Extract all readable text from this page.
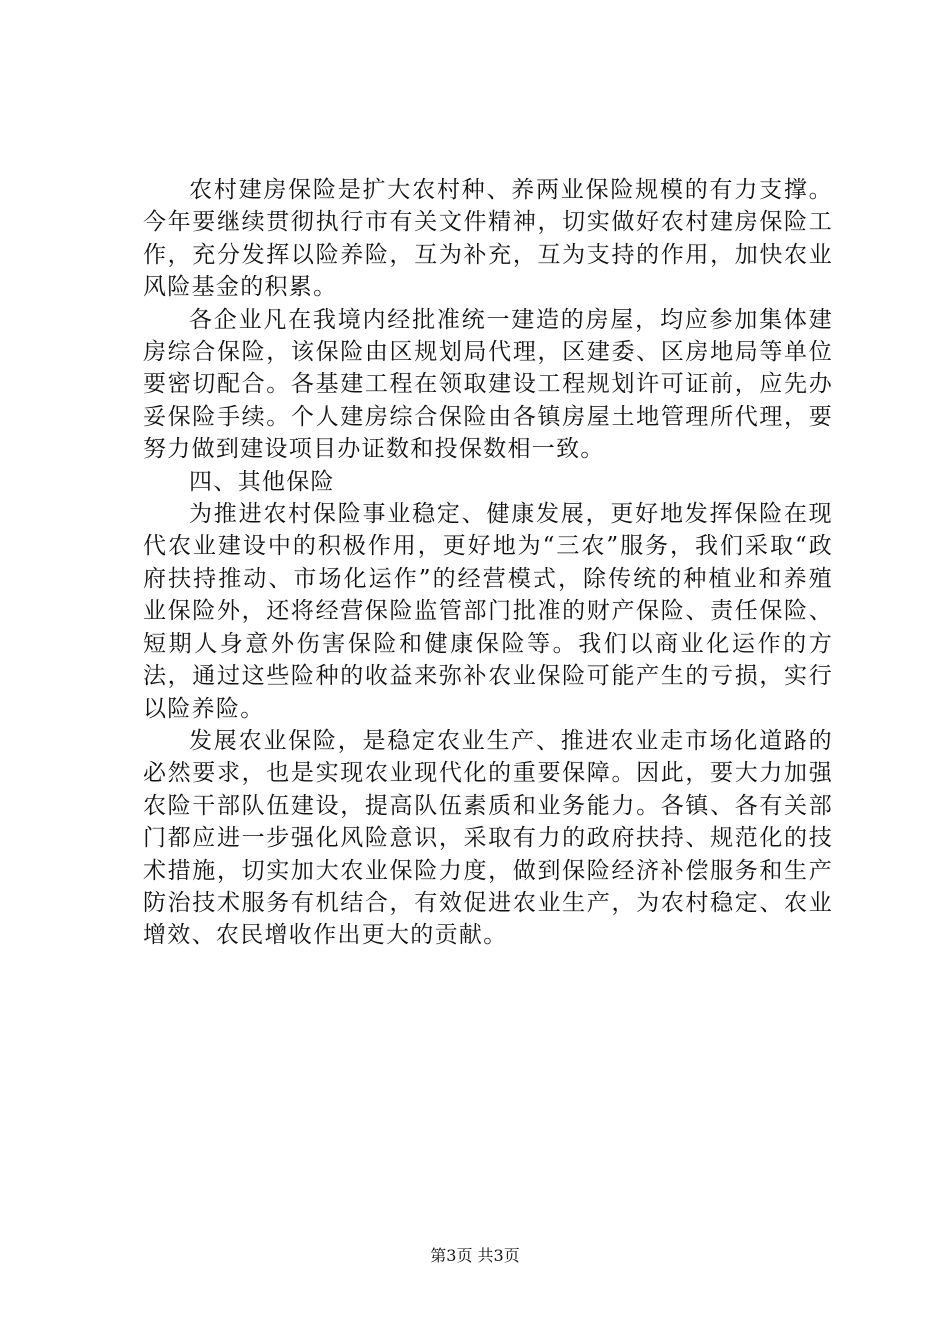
农村建房保险是扩大农村种、养两业保险规模的有力支撑。今年要继续贯彻执行市有关文件精神，切实做好农村建房保险工作，充分发挥以险养险，互为补充，互为支持的作用，加快农业风险基金的积累。

各企业凡在我境内经批准统一建造的房屋，均应参加集体建房综合保险，该保险由区规划局代理，区建委、区房地局等单位要密切配合。各基建工程在领取建设工程规划许可证前，应先办妥保险手续。个人建房综合保险由各镇房屋土地管理所代理，要努力做到建设项目办证数和投保数相一致。

四、其他保险

为推进农村保险事业稳定、健康发展，更好地发挥保险在现代农业建设中的积极作用，更好地为“三农”服务，我们采取“政府扶持推动、市场化运作”的经营模式，除传统的种植业和养殖业保险外，还将经营保险监管部门批准的财产保险、责任保险、短期人身意外伤害保险和健康保险等。我们以商业化运作的方法，通过这些险种的收益来弥补农业保险可能产生的亏损，实行以险养险。

发展农业保险，是稳定农业生产、推进农业走市场化道路的必然要求，也是实现农业现代化的重要保障。因此，要大力加强农险干部队伍建设，提高队伍素质和业务能力。各镇、各有关部门都应进一步强化风险意识，采取有力的政府扶持、规范化的技术措施，切实加大农业保险力度，做到保险经济补偿服务和生产防治技术服务有机结合，有效促进农业生产，为农村稳定、农业增效、农民增收作出更大的贡献。

第3页 共3页
